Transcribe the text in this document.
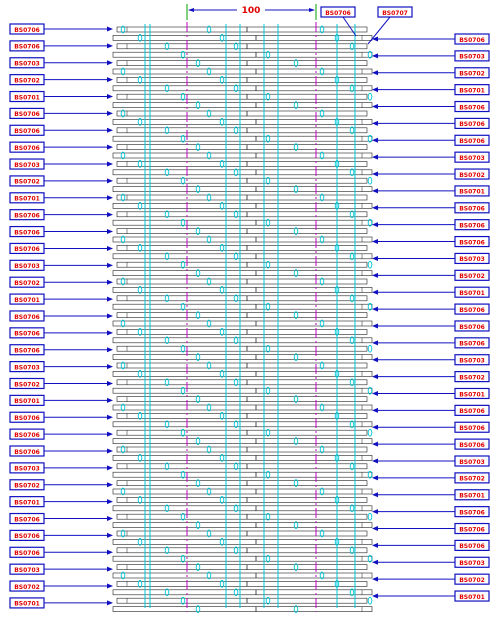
100	BS0706	BS0707
BS0706
BS0706
BS0703
BS0702
BS0701
BS0706
BS0706
BS0706
BS0703
BS0702
BS0701
BS0706
BS0706
BS0706
BS0703
BS0702
BS0701
BS0706
BS0706
BS0706
BS0703
BS0702
BS0701
BS0706
BS0706
BS0706
BS0703
BS0702
BS0701
BS0706
BS0706
BS0706
BS0703
BS0702
BS0701
BS0706
BS0703
BS0702
BS0701
BS0706
BS0706
BS0706
BS0703
BS0702
BS0701
BS0706
BS0706
BS0706
BS0703
BS0702
BS0701
BS0706
BS0706
BS0706
BS0703
BS0702
BS0701
BS0706
BS0706
BS0706
BS0703
BS0702
BS0701
BS0706
BS0706
BS0706
BS0703
BS0702
BS0701
